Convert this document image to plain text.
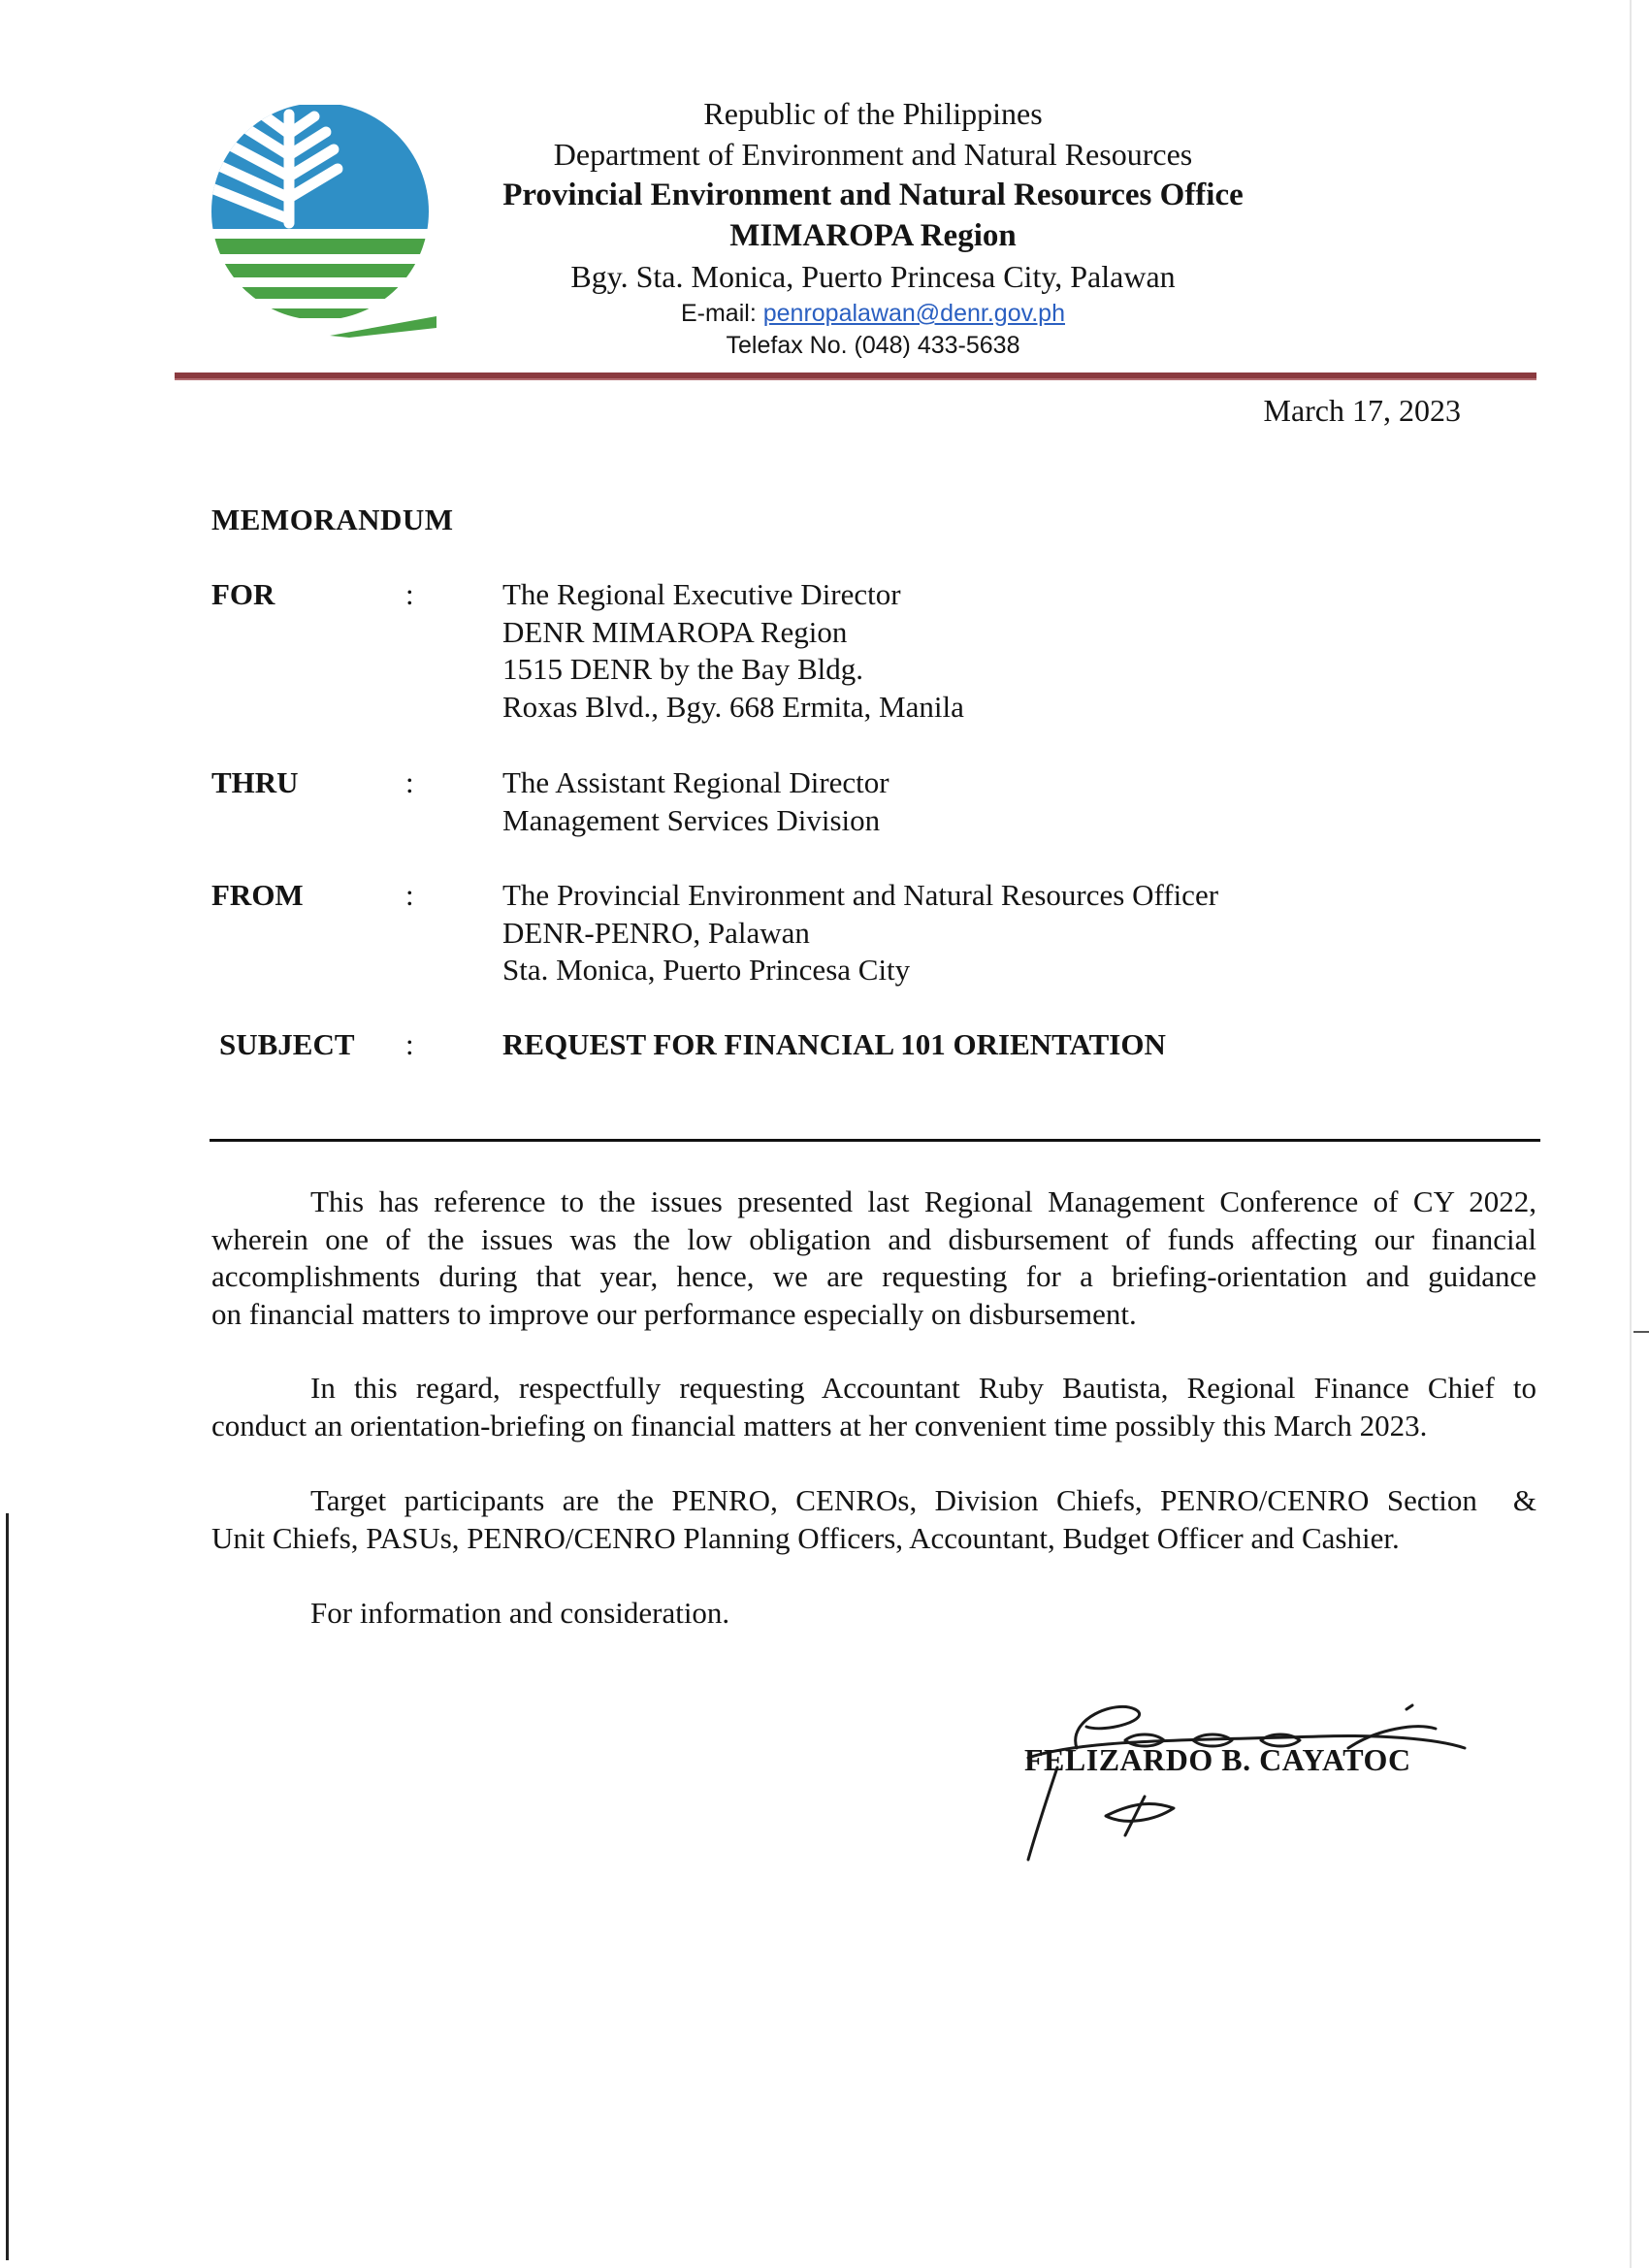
Republic of the Philippines
Department of Environment and Natural Resources
Provincial Environment and Natural Resources Office
MIMAROPA Region
Bgy. Sta. Monica, Puerto Princesa City, Palawan
E-mail: penropalawan@denr.gov.ph
Telefax No. (048) 433-5638
March 17, 2023
MEMORANDUM
FOR	:	The Regional Executive Director
DENR MIMAROPA Region
1515 DENR by the Bay Bldg.
Roxas Blvd., Bgy. 668 Ermita, Manila
THRU	:	The Assistant Regional Director
Management Services Division
FROM	:	The Provincial Environment and Natural Resources Officer
DENR-PENRO, Palawan
Sta. Monica, Puerto Princesa City
SUBJECT :	REQUEST FOR FINANCIAL 101 ORIENTATION

This has reference to the issues presented last Regional Management Conference of CY 2022,
wherein one of the issues was the low obligation and disbursement of funds affecting our financial
accomplishments during that year, hence, we are requesting for a briefing-orientation and guidance
on financial matters to improve our performance especially on disbursement.

In this regard, respectfully requesting Accountant Ruby Bautista, Regional Finance Chief to
conduct an orientation-briefing on financial matters at her convenient time possibly this March 2023.

Target participants are the PENRO, CENROs, Division Chiefs, PENRO/CENRO Section  &
Unit Chiefs, PASUs, PENRO/CENRO Planning Officers, Accountant, Budget Officer and Cashier.

For information and consideration.

FELIZARDO B. CAYATOC
